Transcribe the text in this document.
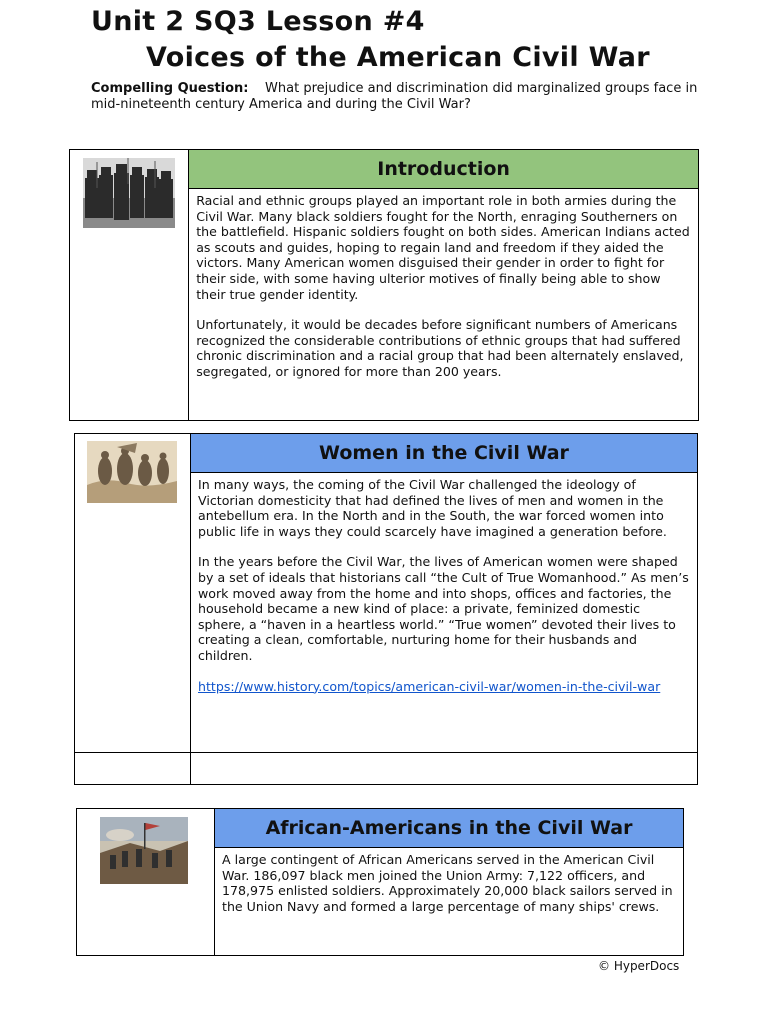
Unit 2 SQ3 Lesson #4
Voices of the American Civil War

Compelling Question: What prejudice and discrimination did marginalized groups face in mid-nineteenth century America and during the Civil War?

Introduction

Racial and ethnic groups played an important role in both armies during the Civil War. Many black soldiers fought for the North, enraging Southerners on the battlefield. Hispanic soldiers fought on both sides. American Indians acted as scouts and guides, hoping to regain land and freedom if they aided the victors. Many American women disguised their gender in order to fight for their side, with some having ulterior motives of finally being able to show their true gender identity.

Unfortunately, it would be decades before significant numbers of Americans recognized the considerable contributions of ethnic groups that had suffered chronic discrimination and a racial group that had been alternately enslaved, segregated, or ignored for more than 200 years.

Women in the Civil War

In many ways, the coming of the Civil War challenged the ideology of Victorian domesticity that had defined the lives of men and women in the antebellum era. In the North and in the South, the war forced women into public life in ways they could scarcely have imagined a generation before.

In the years before the Civil War, the lives of American women were shaped by a set of ideals that historians call “the Cult of True Womanhood.” As men’s work moved away from the home and into shops, offices and factories, the household became a new kind of place: a private, feminized domestic sphere, a “haven in a heartless world.” “True women” devoted their lives to creating a clean, comfortable, nurturing home for their husbands and children.

https://www.history.com/topics/american-civil-war/women-in-the-civil-war

African-Americans in the Civil War

A large contingent of African Americans served in the American Civil War. 186,097 black men joined the Union Army: 7,122 officers, and 178,975 enlisted soldiers. Approximately 20,000 black sailors served in the Union Navy and formed a large percentage of many ships' crews.

© HyperDocs
